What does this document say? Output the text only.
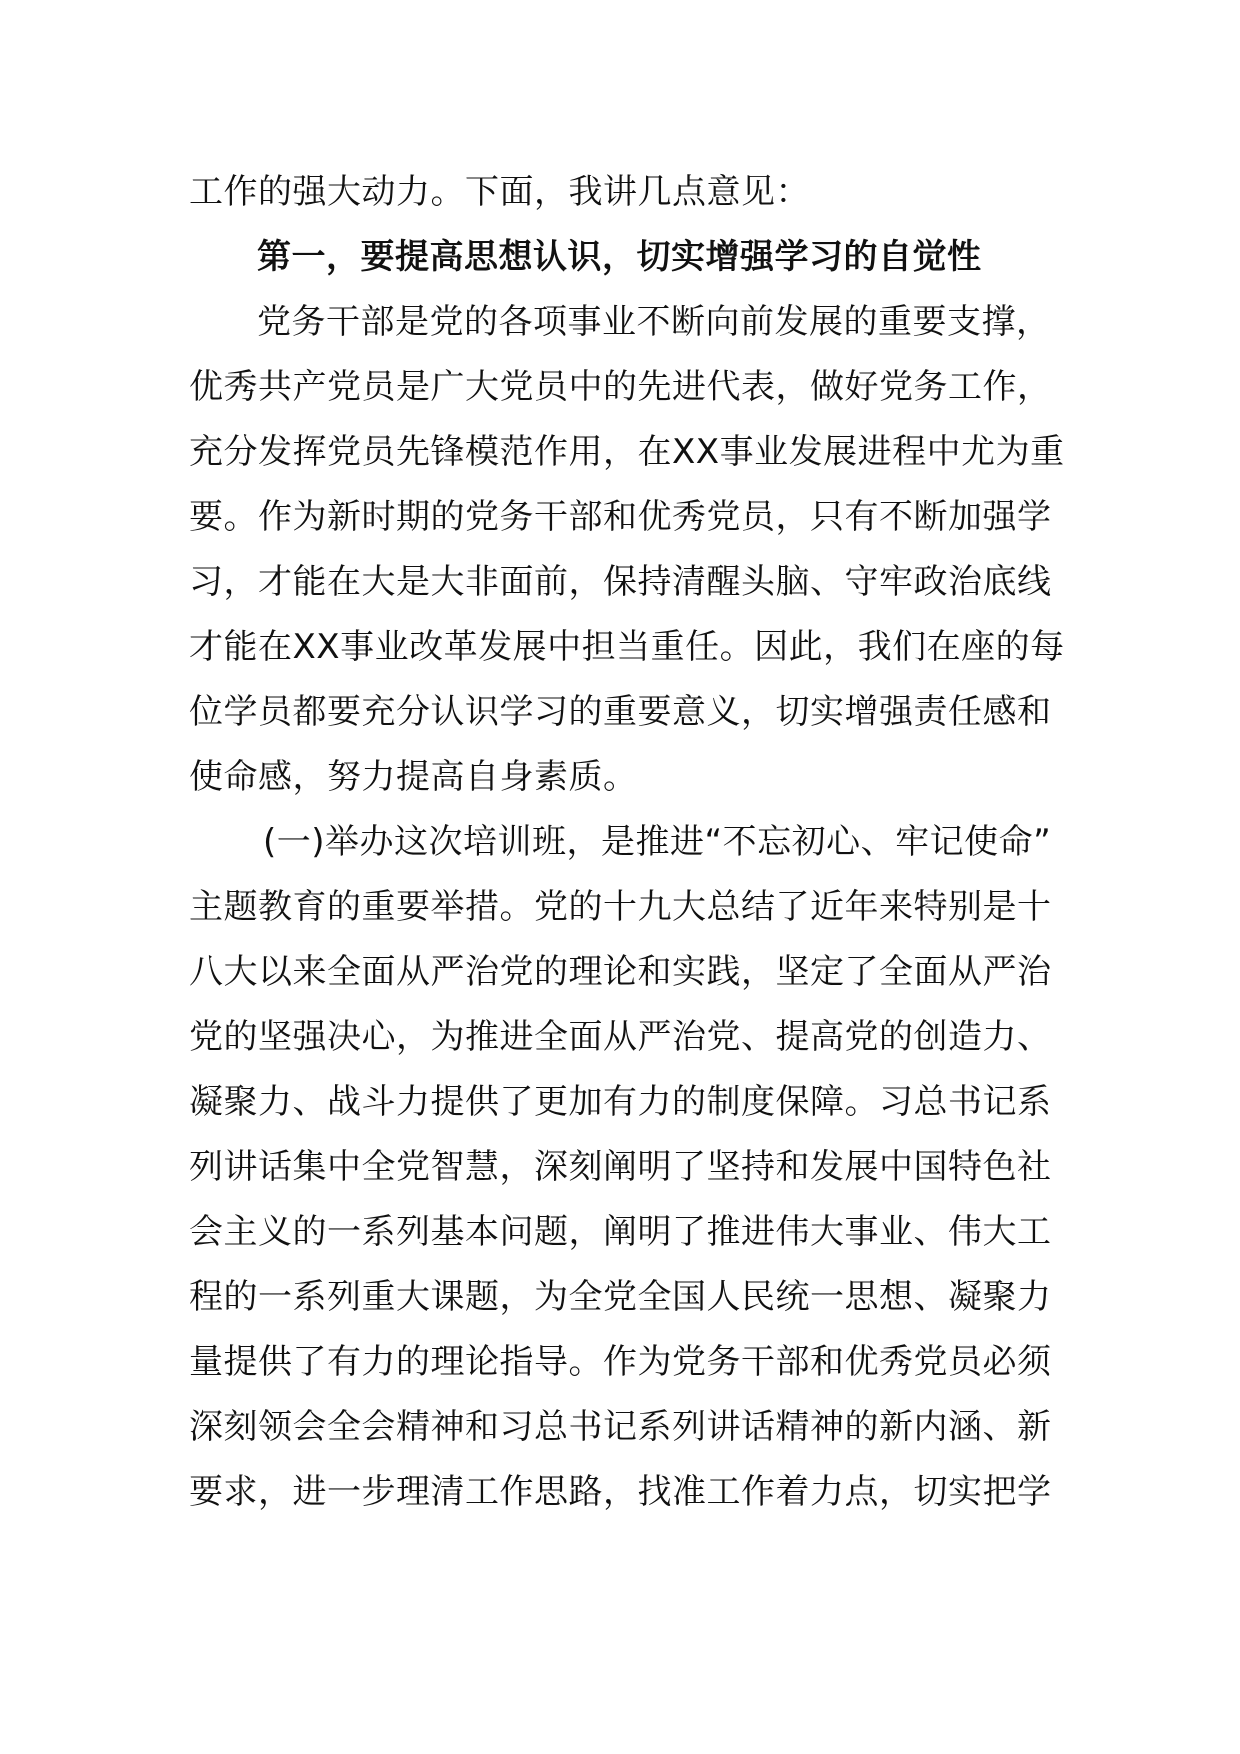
工作的强大动力。下面，我讲几点意见：

第一，要提高思想认识，切实增强学习的自觉性

党务干部是党的各项事业不断向前发展的重要支撑，
优秀共产党员是广大党员中的先进代表，做好党务工作，
充分发挥党员先锋模范作用，在XX事业发展进程中尤为重
要。作为新时期的党务干部和优秀党员，只有不断加强学
习，才能在大是大非面前，保持清醒头脑、守牢政治底线
才能在XX事业改革发展中担当重任。因此，我们在座的每
位学员都要充分认识学习的重要意义，切实增强责任感和
使命感，努力提高自身素质。

(一)举办这次培训班，是推进“不忘初心、牢记使命”
主题教育的重要举措。党的十九大总结了近年来特别是十
八大以来全面从严治党的理论和实践，坚定了全面从严治
党的坚强决心，为推进全面从严治党、提高党的创造力、
凝聚力、战斗力提供了更加有力的制度保障。习总书记系
列讲话集中全党智慧，深刻阐明了坚持和发展中国特色社
会主义的一系列基本问题，阐明了推进伟大事业、伟大工
程的一系列重大课题，为全党全国人民统一思想、凝聚力
量提供了有力的理论指导。作为党务干部和优秀党员必须
深刻领会全会精神和习总书记系列讲话精神的新内涵、新
要求，进一步理清工作思路，找准工作着力点，切实把学
